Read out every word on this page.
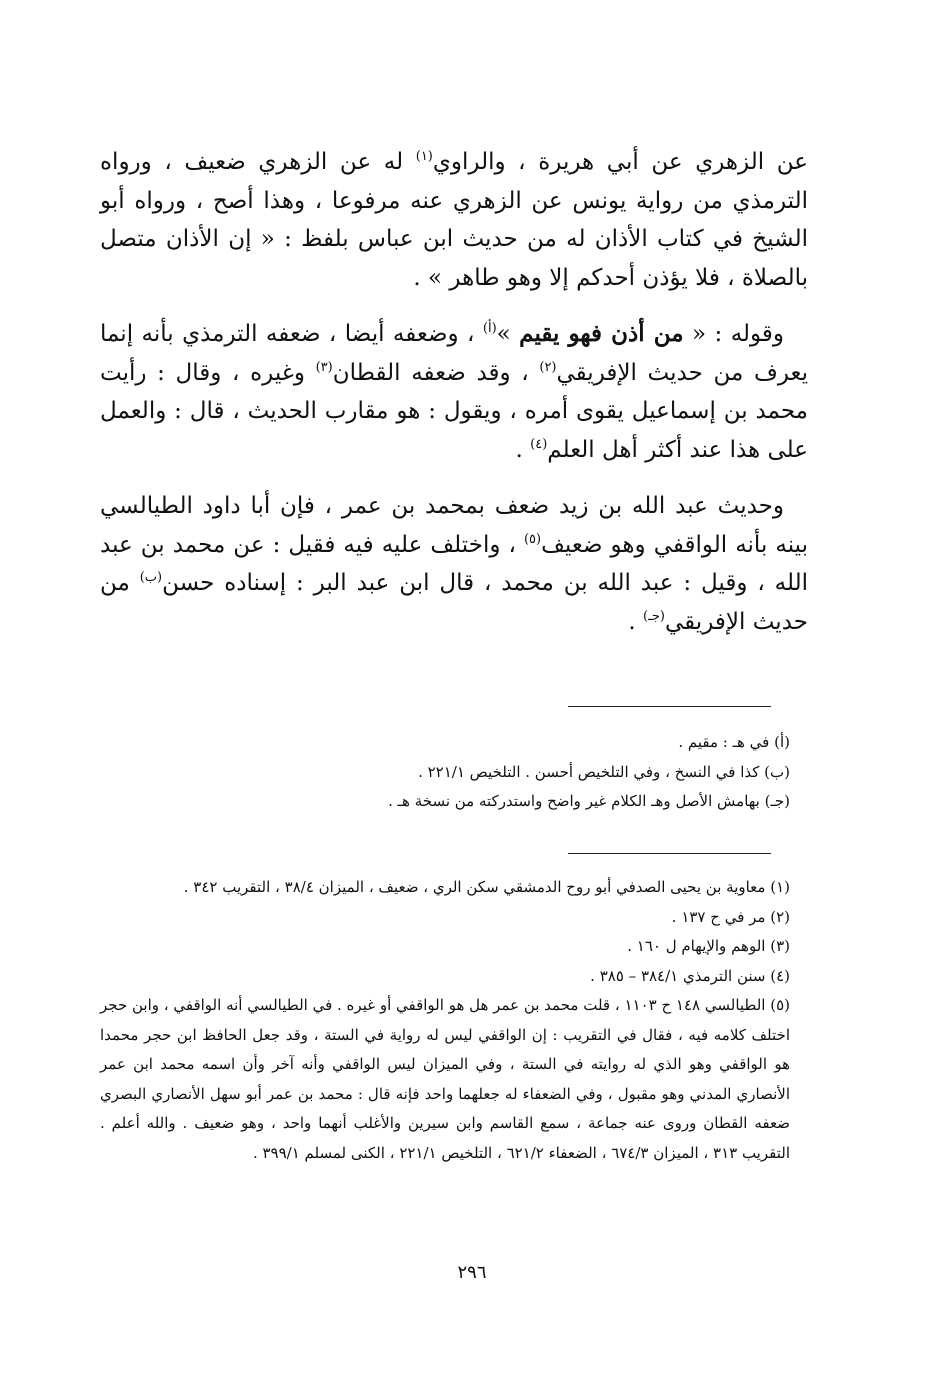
عن الزهري عن أبي هريرة ، والراوي$^{(١)}$ له عن الزهري ضعيف ، ورواه الترمذي من رواية يونس عن الزهري عنه مرفوعا ، وهذا أصح ، ورواه أبو الشيخ في كتاب الأذان له من حديث ابن عباس بلفظ : « إن الأذان متصل بالصلاة ، فلا يؤذن أحدكم إلا وهو طاهر » .

وقوله : « من أذن فهو يقيم »$^{(أ)}$ ، وضعفه أيضا ، ضعفه الترمذي بأنه إنما يعرف من حديث الإفريقي$^{(٢)}$ ، وقد ضعفه القطان$^{(٣)}$ وغيره ، وقال : رأيت محمد بن إسماعيل يقوى أمره ، ويقول : هو مقارب الحديث ، قال : والعمل على هذا عند أكثر أهل العلم$^{(٤)}$ .

وحديث عبد الله بن زيد ضعف بمحمد بن عمر ، فإن أبا داود الطيالسي بينه بأنه الواقفي وهو ضعيف$^{(٥)}$ ، واختلف عليه فيه فقيل : عن محمد بن عبد الله ، وقيل : عبد الله بن محمد ، قال ابن عبد البر : إسناده حسن$^{(ب)}$ من حديث الإفريقي$^{(جـ)}$ .

(أ) في هـ : مقيم .
(ب) كذا في النسخ ، وفي التلخيص أحسن . التلخيص ٢٢١/١ .
(جـ) بهامش الأصل وهـ الكلام غير واضح واستدركته من نسخة هـ .
(١) معاوية بن يحيى الصدفي أبو روح الدمشقي سكن الري ، ضعيف ، الميزان ٣٨/٤ ، التقريب ٣٤٢ .
(٢) مر في ح ١٣٧ .
(٣) الوهم والإيهام ل ١٦٠ .
(٤) سنن الترمذي ٣٨٤/١ – ٣٨٥ .
(٥) الطيالسي ١٤٨ ح ١١٠٣ ، قلت محمد بن عمر هل هو الواقفي أو غيره . في الطيالسي أنه الواقفي ، وابن حجر اختلف كلامه فيه ، فقال في التقريب : إن الواقفي ليس له رواية في الستة ، وقد جعل الحافظ ابن حجر محمدا هو الواقفي وهو الذي له روايته في الستة ، وفي الميزان ليس الواقفي وأنه آخر وأن اسمه محمد ابن عمر الأنصاري المدني وهو مقبول ، وفي الضعفاء له جعلهما واحد فإنه قال : محمد بن عمر أبو سهل الأنصاري البصري ضعفه القطان وروى عنه جماعة ، سمع القاسم وابن سيرين والأغلب أنهما واحد ، وهو ضعيف . والله أعلم . التقريب ٣١٣ ، الميزان ٦٧٤/٣ ، الضعفاء ٦٢١/٢ ، التلخيص ٢٢١/١ ، الكنى لمسلم ٣٩٩/١ .
٢٩٦
